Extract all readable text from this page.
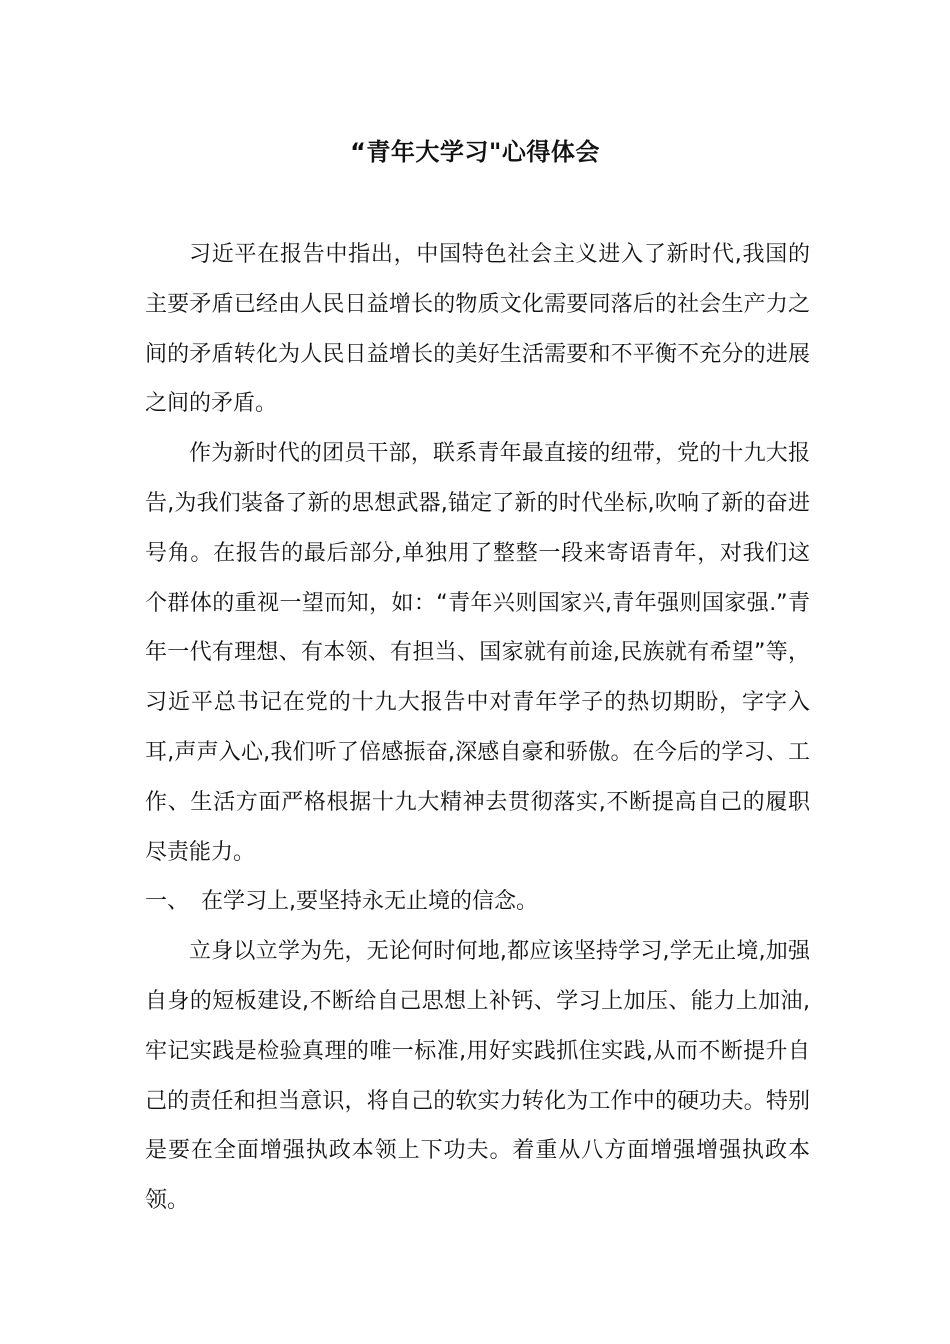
“青年大学习"心得体会

习近平在报告中指出，中国特色社会主义进入了新时代,我国的主要矛盾已经由人民日益增长的物质文化需要同落后的社会生产力之间的矛盾转化为人民日益增长的美好生活需要和不平衡不充分的进展之间的矛盾。

作为新时代的团员干部，联系青年最直接的纽带，党的十九大报告,为我们装备了新的思想武器,锚定了新的时代坐标,吹响了新的奋进号角。在报告的最后部分,单独用了整整一段来寄语青年，对我们这个群体的重视一望而知，如：“青年兴则国家兴,青年强则国家强.”青年一代有理想、有本领、有担当、国家就有前途,民族就有希望”等，习近平总书记在党的十九大报告中对青年学子的热切期盼，字字入耳,声声入心,我们听了倍感振奋,深感自豪和骄傲。在今后的学习、工作、生活方面严格根据十九大精神去贯彻落实,不断提高自己的履职尽责能力。

一、 在学习上,要坚持永无止境的信念。

立身以立学为先，无论何时何地,都应该坚持学习,学无止境,加强自身的短板建设,不断给自己思想上补钙、学习上加压、能力上加油,牢记实践是检验真理的唯一标准,用好实践抓住实践,从而不断提升自己的责任和担当意识，将自己的软实力转化为工作中的硬功夫。特别是要在全面增强执政本领上下功夫。着重从八方面增强增强执政本领。
